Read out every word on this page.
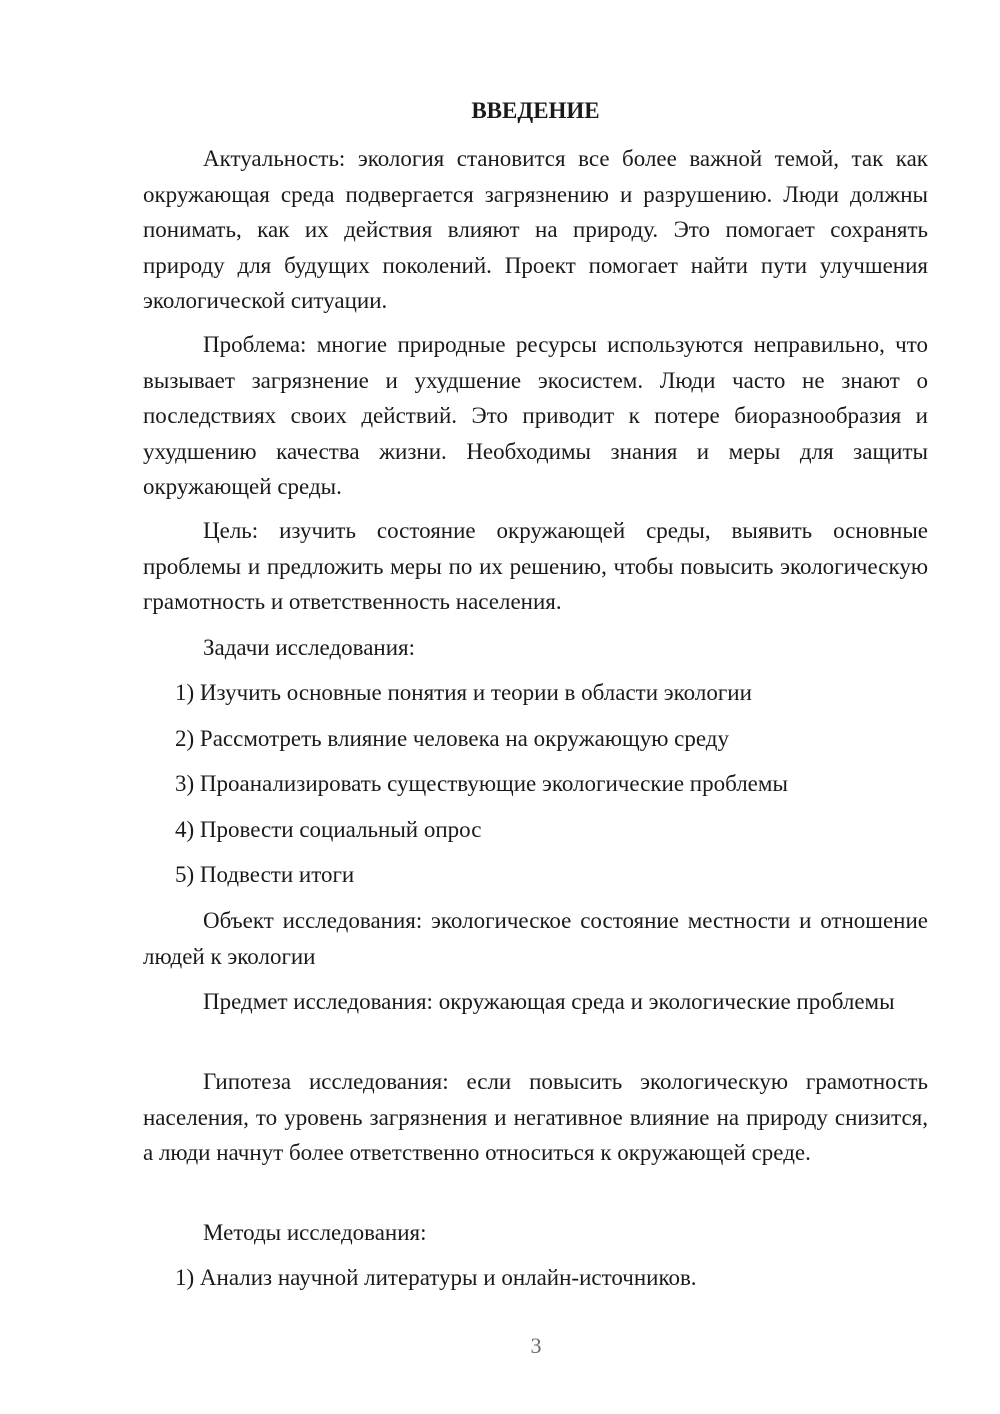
ВВЕДЕНИЕ

Актуальность: экология становится все более важной темой, так как окружающая среда подвергается загрязнению и разрушению. Люди должны понимать, как их действия влияют на природу. Это помогает сохранять природу для будущих поколений. Проект помогает найти пути улучшения экологической ситуации.

Проблема: многие природные ресурсы используются неправильно, что вызывает загрязнение и ухудшение экосистем. Люди часто не знают о последствиях своих действий. Это приводит к потере биоразнообразия и ухудшению качества жизни. Необходимы знания и меры для защиты окружающей среды.

Цель: изучить состояние окружающей среды, выявить основные проблемы и предложить меры по их решению, чтобы повысить экологическую грамотность и ответственность населения.

Задачи исследования:

1) Изучить основные понятия и теории в области экологии

2) Рассмотреть влияние человека на окружающую среду

3) Проанализировать существующие экологические проблемы

4) Провести социальный опрос

5) Подвести итоги

Объект исследования: экологическое состояние местности и отношение людей к экологии

Предмет исследования: окружающая среда и экологические проблемы

Гипотеза исследования: если повысить экологическую грамотность населения, то уровень загрязнения и негативное влияние на природу снизится, а люди начнут более ответственно относиться к окружающей среде.

Методы исследования:

1) Анализ научной литературы и онлайн-источников.

3
